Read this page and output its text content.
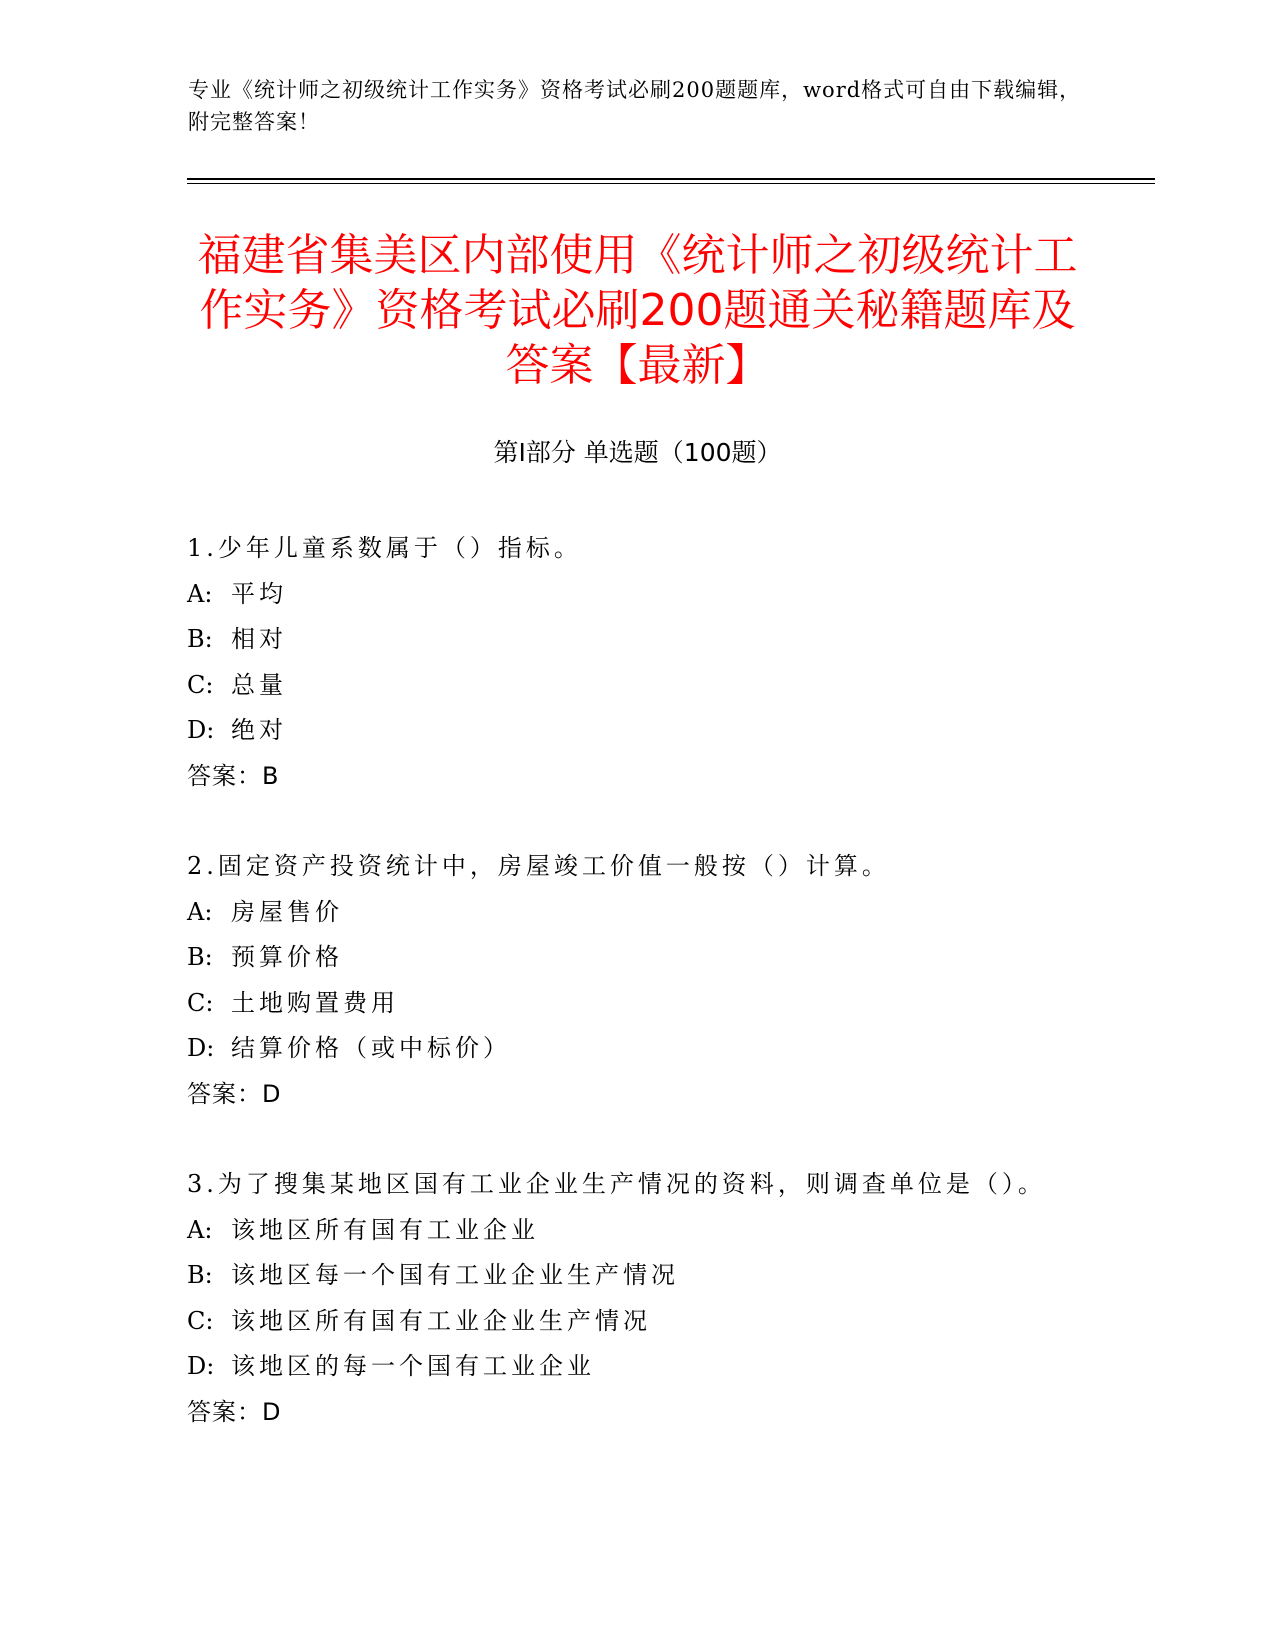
专业《统计师之初级统计工作实务》资格考试必刷200题题库，word格式可自由下载编辑，附完整答案！
福建省集美区内部使用《统计师之初级统计工作实务》资格考试必刷200题通关秘籍题库及答案【最新】
第Ⅰ部分 单选题（100题）
1.少年儿童系数属于（）指标。
A: 平均
B: 相对
C: 总量
D: 绝对
答案：B
2.固定资产投资统计中，房屋竣工价值一般按（）计算。
A: 房屋售价
B: 预算价格
C: 土地购置费用
D: 结算价格（或中标价）
答案：D
3.为了搜集某地区国有工业企业生产情况的资料，则调查单位是（）。
A: 该地区所有国有工业企业
B: 该地区每一个国有工业企业生产情况
C: 该地区所有国有工业企业生产情况
D: 该地区的每一个国有工业企业
答案：D
